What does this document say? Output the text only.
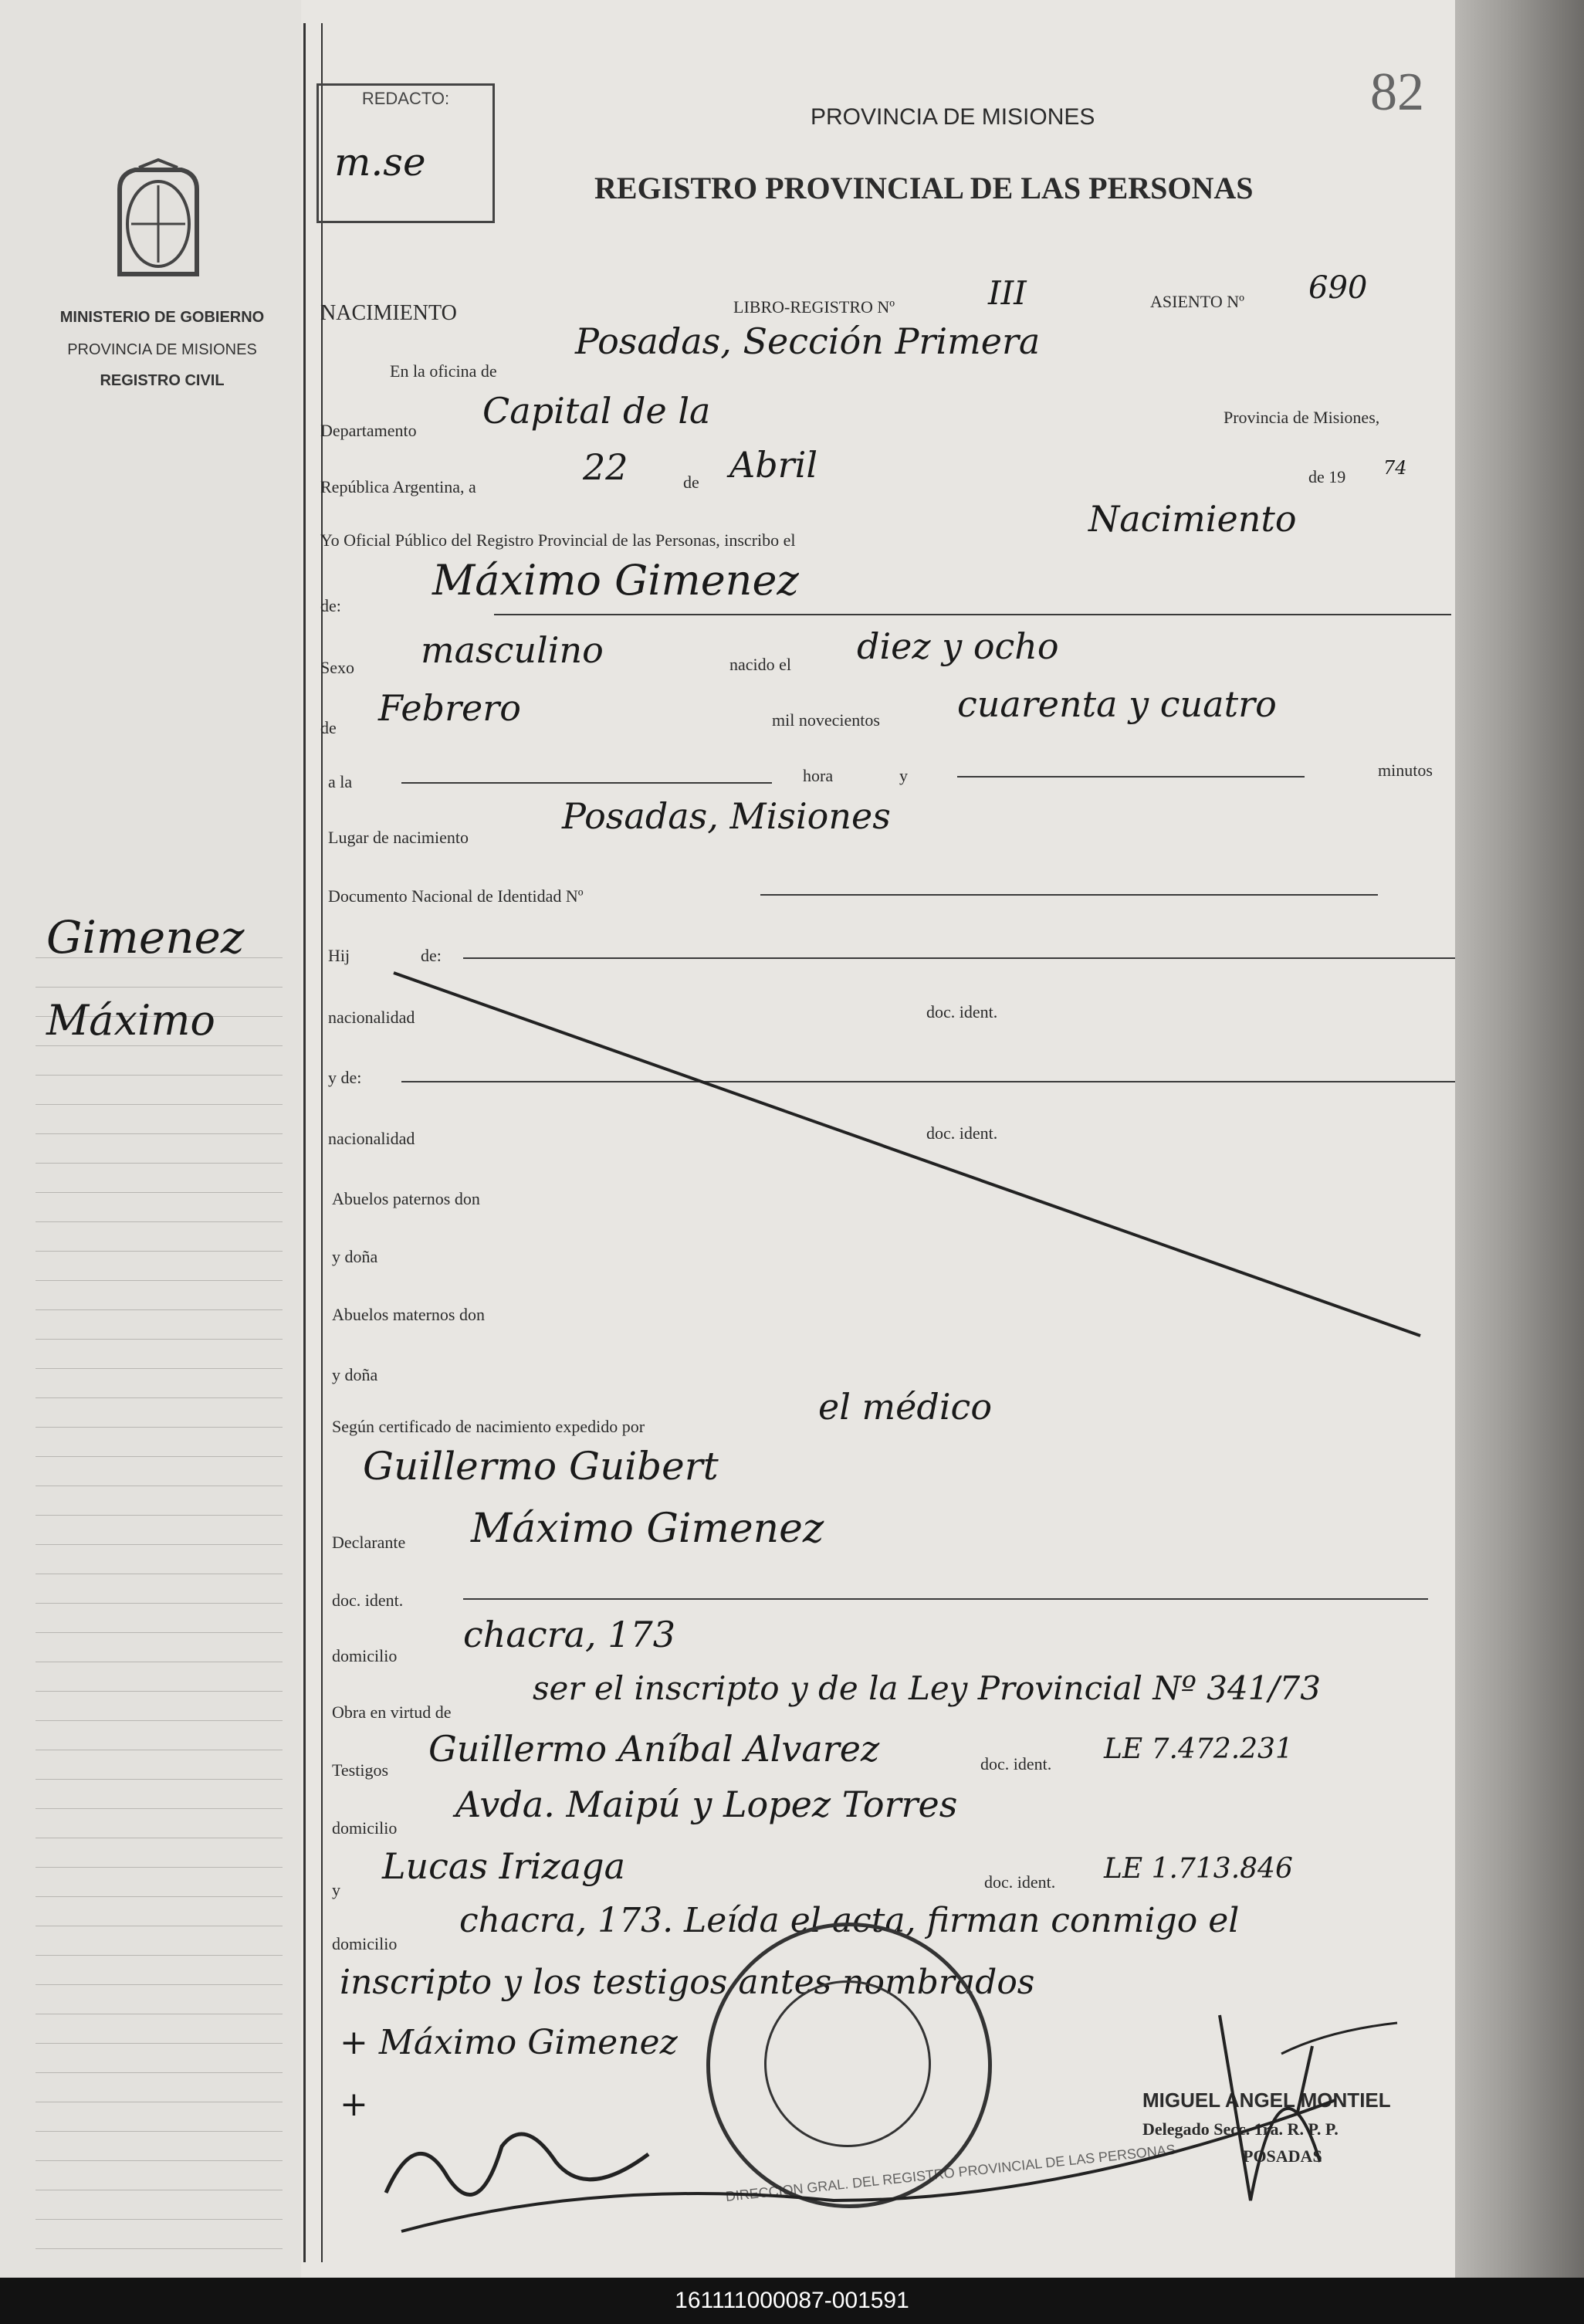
MINISTERIO DE GOBIERNO
PROVINCIA DE MISIONES
REGISTRO CIVIL
Gimenez
Máximo
REDACTO:
m.se
82
PROVINCIA DE MISIONES
REGISTRO PROVINCIAL DE LAS PERSONAS
NACIMIENTO	LIBRO-REGISTRO Nº	III	ASIENTO Nº 690
En la oficina de
Posadas, Sección Primera
Departamento Capital de la	Provincia de Misiones,
República Argentina, a	22	de Abril	de 19 74
Yo Oficial Público del Registro Provincial de las Personas, inscribo el
Nacimiento
de:
Máximo Gimenez
Sexo masculino	nacido el diez y ocho
de Febrero	mil novecientos cuarenta y cuatro
a la	hora	y	minutos
Lugar de nacimiento
Posadas, Misiones
Documento Nacional de Identidad Nº
Hij	de:
nacionalidad	doc. ident.
y de:
nacionalidad	doc. ident.
Abuelos paternos don
y doña
Abuelos maternos don
y doña
Según certificado de nacimiento expedido por	el médico
Guillermo Guibert
Declarante Máximo Gimenez
doc. ident.
domicilio
chacra, 173
Obra en virtud de
ser el inscripto y de la Ley Provincial Nº 341/73
Testigos
Guillermo Aníbal Alvarez	doc. ident. LE 7.472.231
domicilio
Avda. Maipú y Lopez Torres
y
Lucas Irizaga	doc. ident. LE 1.713.846
domicilio
chacra, 173. Leída el acta, firman conmigo el
inscripto y los testigos antes nombrados
+ Máximo Gimenez
+	MIGUEL ANGEL MONTIEL
Delegado Secc. 1ra. R. P. P.
POSADAS
DIRECCION GRAL. DEL REGISTRO PROVINCIAL DE LAS PERSONAS
161111000087-001591
